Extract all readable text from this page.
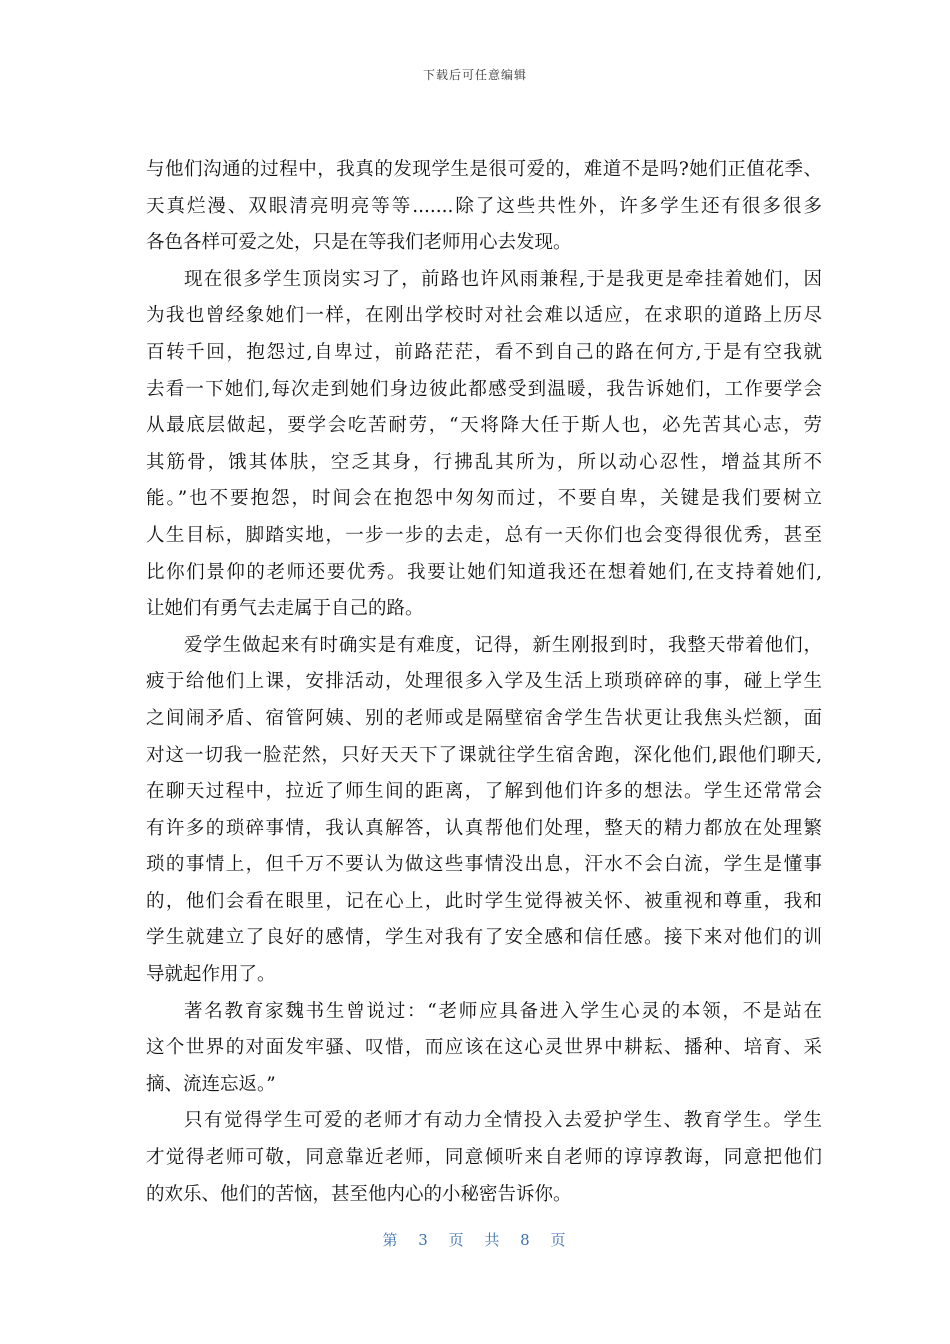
下载后可任意编辑
与他们沟通的过程中，我真的发现学生是很可爱的，难道不是吗?她们正值花季、
天真烂漫、双眼清亮明亮等等.......除了这些共性外，许多学生还有很多很多
各色各样可爱之处，只是在等我们老师用心去发现。
现在很多学生顶岗实习了，前路也许风雨兼程,于是我更是牵挂着她们，因
为我也曾经象她们一样，在刚出学校时对社会难以适应，在求职的道路上历尽
百转千回，抱怨过,自卑过，前路茫茫，看不到自己的路在何方,于是有空我就
去看一下她们,每次走到她们身边彼此都感受到温暖，我告诉她们，工作要学会
从最底层做起，要学会吃苦耐劳，“天将降大任于斯人也，必先苦其心志，劳
其筋骨，饿其体肤，空乏其身，行拂乱其所为，所以动心忍性，增益其所不
能。”也不要抱怨，时间会在抱怨中匆匆而过，不要自卑，关键是我们要树立
人生目标，脚踏实地，一步一步的去走，总有一天你们也会变得很优秀，甚至
比你们景仰的老师还要优秀。我要让她们知道我还在想着她们,在支持着她们,
让她们有勇气去走属于自己的路。
爱学生做起来有时确实是有难度，记得，新生刚报到时，我整天带着他们，
疲于给他们上课，安排活动，处理很多入学及生活上琐琐碎碎的事，碰上学生
之间闹矛盾、宿管阿姨、别的老师或是隔壁宿舍学生告状更让我焦头烂额，面
对这一切我一脸茫然，只好天天下了课就往学生宿舍跑，深化他们,跟他们聊天,
在聊天过程中，拉近了师生间的距离，了解到他们许多的想法。学生还常常会
有许多的琐碎事情，我认真解答，认真帮他们处理，整天的精力都放在处理繁
琐的事情上，但千万不要认为做这些事情没出息，汗水不会白流，学生是懂事
的，他们会看在眼里，记在心上，此时学生觉得被关怀、被重视和尊重，我和
学生就建立了良好的感情，学生对我有了安全感和信任感。接下来对他们的训
导就起作用了。
著名教育家魏书生曾说过：“老师应具备进入学生心灵的本领，不是站在
这个世界的对面发牢骚、叹惜，而应该在这心灵世界中耕耘、播种、培育、采
摘、流连忘返。”
只有觉得学生可爱的老师才有动力全情投入去爱护学生、教育学生。学生
才觉得老师可敬，同意靠近老师，同意倾听来自老师的谆谆教诲，同意把他们
的欢乐、他们的苦恼，甚至他内心的小秘密告诉你。
第 3 页 共 8 页
